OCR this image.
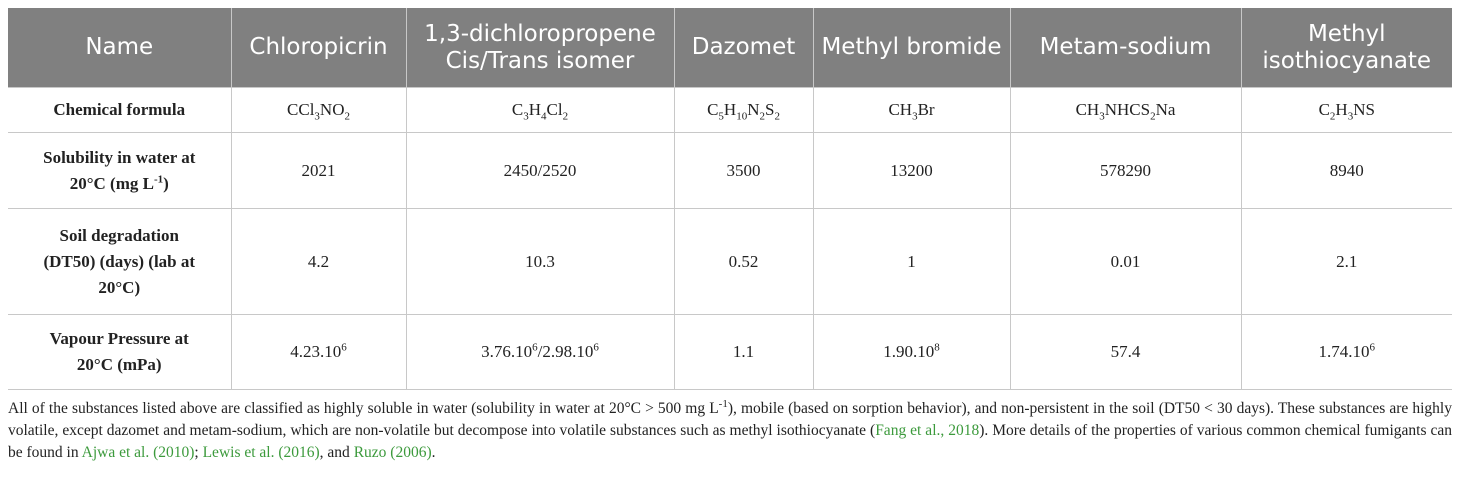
Name	Chloropicrin	1,3-dichloropropene Cis/Trans isomer	Dazomet	Methyl bromide	Metam-sodium	Methyl isothiocyanate
Chemical formula	$CCl_3NO_2$	$C_3H_4Cl_2$	$C_5H_{10}N_2S_2$	$CH_3Br$	$CH_3NHCS_2Na$	$C_2H_3NS$
Solubility in water at
20°C (mg $L^{-1}$)	2021	2450/2520	3500	13200	578290	8940
Soil degradation
(DT50) (days) (lab at
20°C)	4.2	10.3	0.52	1	0.01	2.1
Vapour Pressure at
20°C (mPa)	4.23.10$^6$	3.76.10$^6$/2.98.10$^6$	1.1	1.90.10$^8$	57.4	1.74.10$^6$

All of the substances listed above are classified as highly soluble in water (solubility in water at 20°C > 500 mg $L^{-1}$), mobile (based on sorption behavior), and non-persistent in the soil (DT50 < 30 days). These substances are highly volatile, except dazomet and metam-sodium, which are non-volatile but decompose into volatile substances such as methyl isothiocyanate (Fang et al., 2018). More details of the properties of various common chemical fumigants can be found in Ajwa et al. (2010); Lewis et al. (2016), and Ruzo (2006).
